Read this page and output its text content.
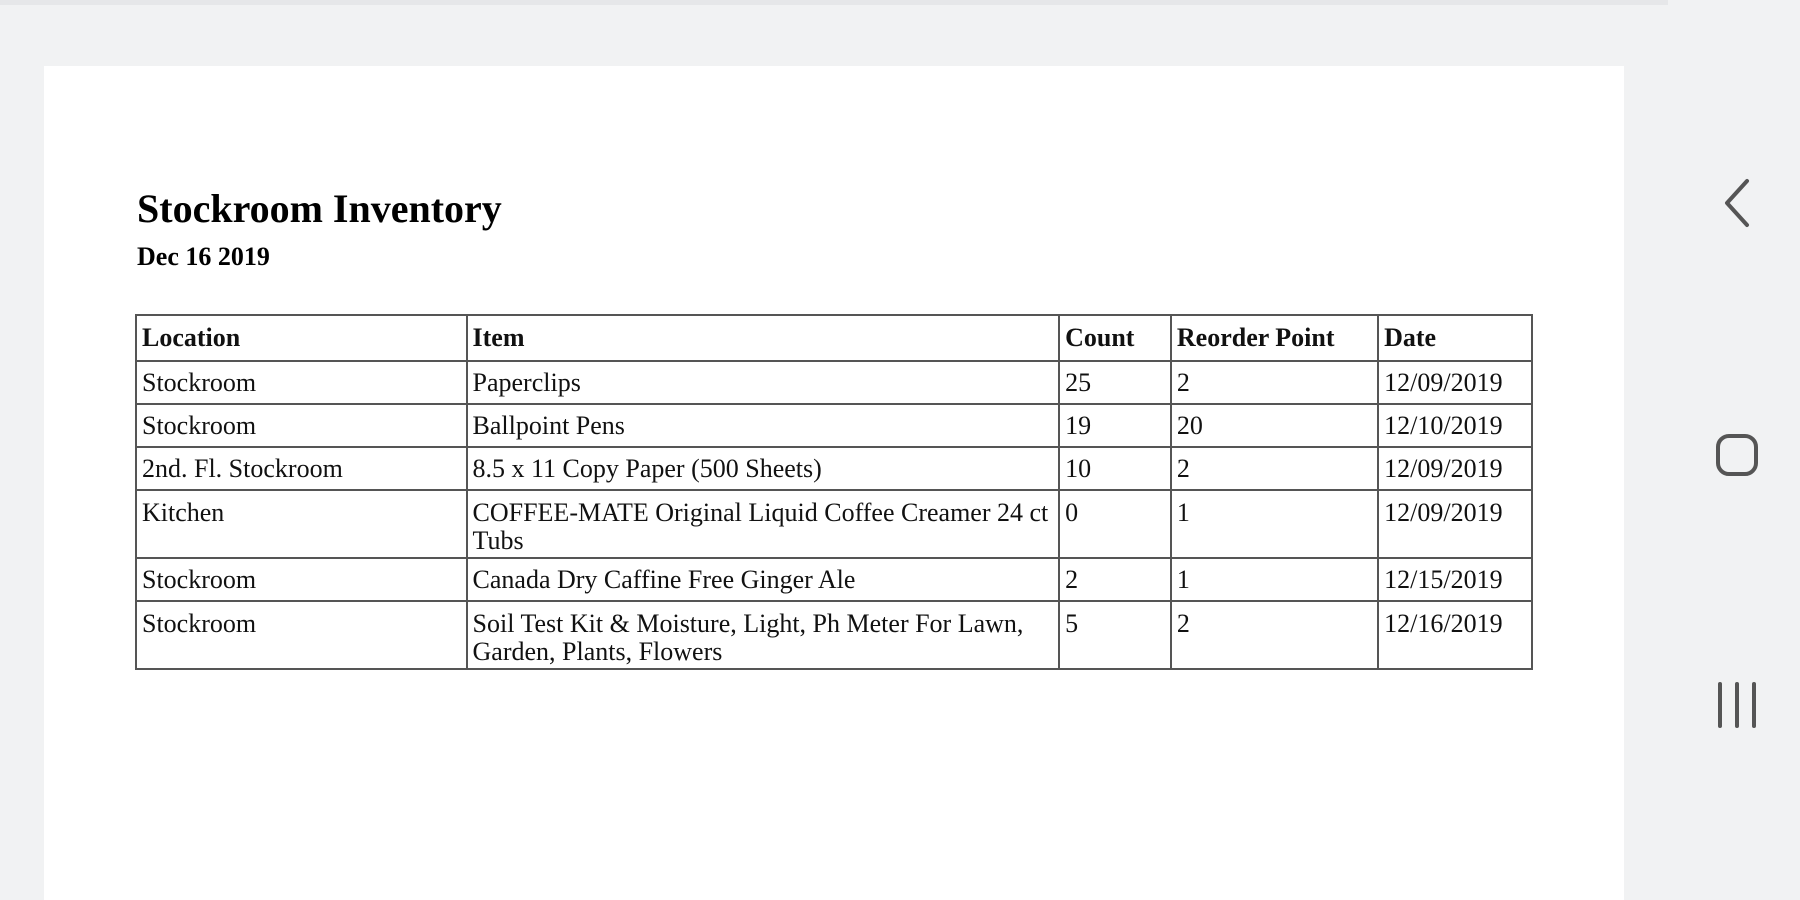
Stockroom Inventory

Dec 16 2019

Location	Item	Count	Reorder Point	Date
Stockroom	Paperclips	25	2	12/09/2019
Stockroom	Ballpoint Pens	19	20	12/10/2019
2nd. Fl. Stockroom	8.5 x 11 Copy Paper (500 Sheets)	10	2	12/09/2019
Kitchen	COFFEE-MATE Original Liquid Coffee Creamer 24 ct Tubs	0	1	12/09/2019
Stockroom	Canada Dry Caffine Free Ginger Ale	2	1	12/15/2019
Stockroom	Soil Test Kit & Moisture, Light, Ph Meter For Lawn, Garden, Plants, Flowers	5	2	12/16/2019
